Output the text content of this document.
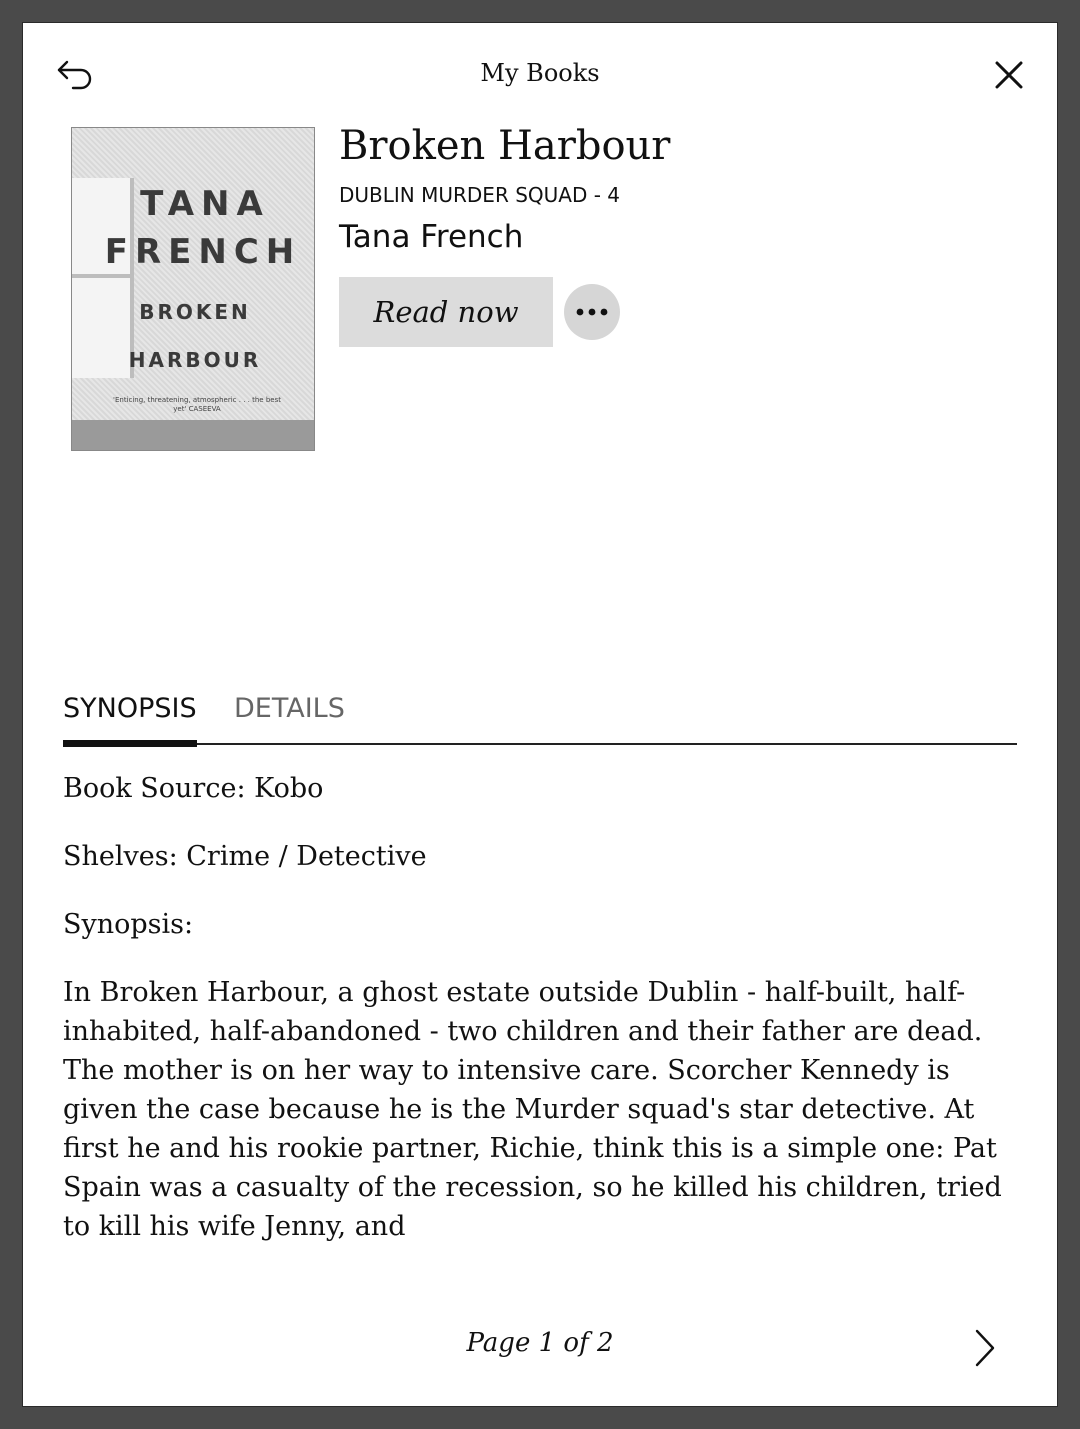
My Books
TANA
FRENCH
BROKEN
HARBOUR
'Enticing, threatening, atmospheric . . . the best yet' CASEEVA
Broken Harbour
DUBLIN MURDER SQUAD - 4
Tana French
Read now
SYNOPSIS DETAILS

Book Source: Kobo

Shelves: Crime / Detective

Synopsis:

In Broken Harbour, a ghost estate outside Dublin - half-built, half-inhabited, half-abandoned - two children and their father are dead. The mother is on her way to intensive care. Scorcher Kennedy is given the case because he is the Murder squad's star detective. At first he and his rookie partner, Richie, think this is a simple one: Pat Spain was a casualty of the recession, so he killed his children, tried to kill his wife Jenny, and
Page 1 of 2
